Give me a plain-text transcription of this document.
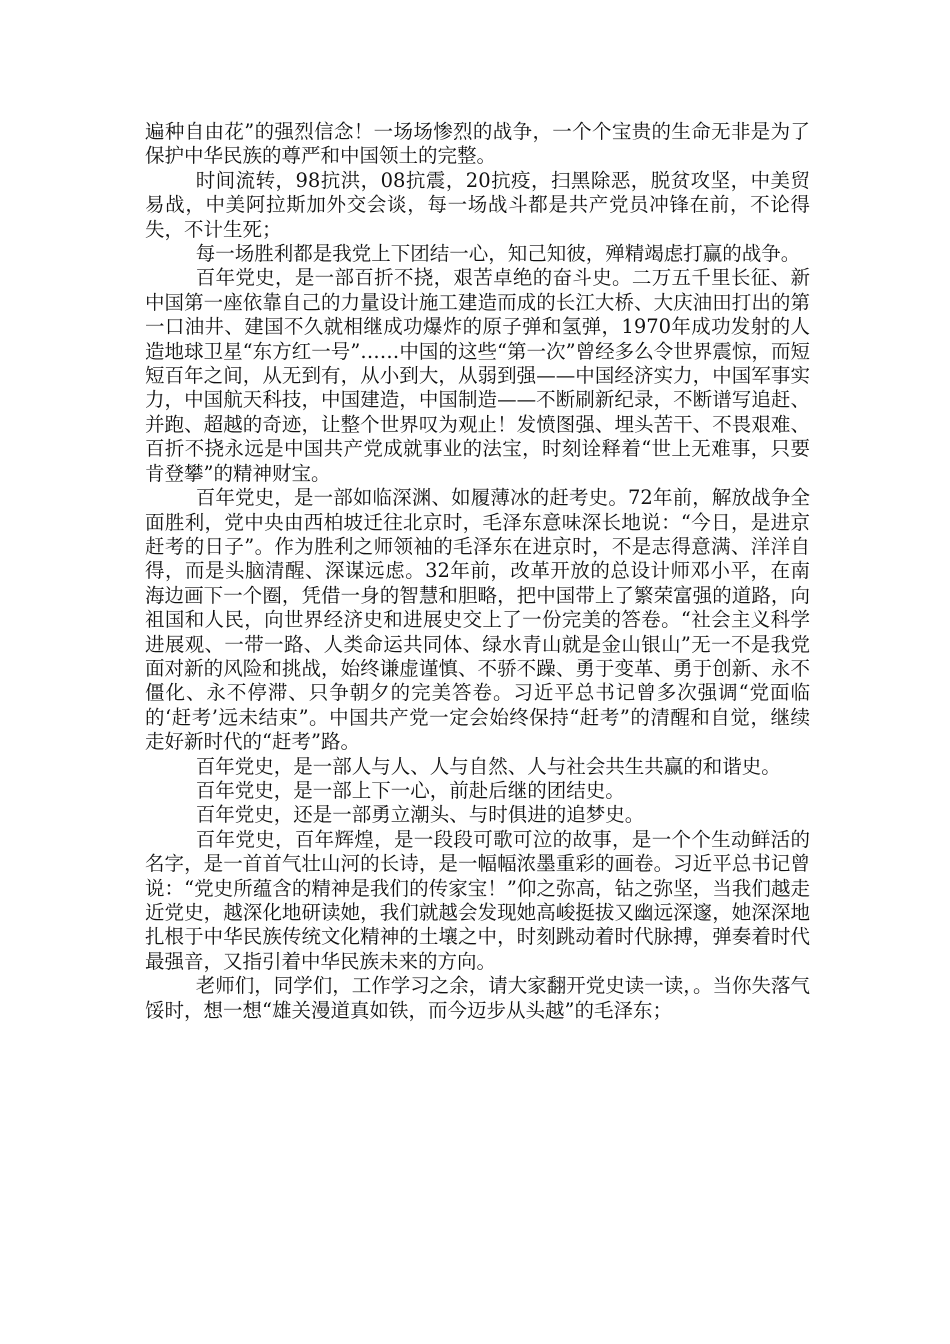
遍种自由花”的强烈信念！一场场惨烈的战争，一个个宝贵的生命无非是为了保护中华民族的尊严和中国领土的完整。

时间流转，98抗洪，08抗震，20抗疫，扫黑除恶，脱贫攻坚，中美贸易战，中美阿拉斯加外交会谈，每一场战斗都是共产党员冲锋在前，不论得失，不计生死；

每一场胜利都是我党上下团结一心，知己知彼，殚精竭虑打赢的战争。

百年党史，是一部百折不挠，艰苦卓绝的奋斗史。二万五千里长征、新中国第一座依靠自己的力量设计施工建造而成的长江大桥、大庆油田打出的第一口油井、建国不久就相继成功爆炸的原子弹和氢弹，1970年成功发射的人造地球卫星“东方红一号”……中国的这些“第一次”曾经多么令世界震惊，而短短百年之间，从无到有，从小到大，从弱到强——中国经济实力，中国军事实力，中国航天科技，中国建造，中国制造——不断刷新纪录，不断谱写追赶、并跑、超越的奇迹，让整个世界叹为观止！发愤图强、埋头苦干、不畏艰难、百折不挠永远是中国共产党成就事业的法宝，时刻诠释着“世上无难事，只要肯登攀”的精神财宝。

百年党史，是一部如临深渊、如履薄冰的赶考史。72年前，解放战争全面胜利，党中央由西柏坡迁往北京时，毛泽东意味深长地说：“今日，是进京赶考的日子”。作为胜利之师领袖的毛泽东在进京时，不是志得意满、洋洋自得，而是头脑清醒、深谋远虑。32年前，改革开放的总设计师邓小平，在南海边画下一个圈，凭借一身的智慧和胆略，把中国带上了繁荣富强的道路，向祖国和人民，向世界经济史和进展史交上了一份完美的答卷。“社会主义科学进展观、一带一路、人类命运共同体、绿水青山就是金山银山”无一不是我党面对新的风险和挑战，始终谦虚谨慎、不骄不躁、勇于变革、勇于创新、永不僵化、永不停滞、只争朝夕的完美答卷。习近平总书记曾多次强调“党面临的‘赶考’远未结束”。中国共产党一定会始终保持“赶考”的清醒和自觉，继续走好新时代的“赶考”路。

百年党史，是一部人与人、人与自然、人与社会共生共赢的和谐史。

百年党史，是一部上下一心，前赴后继的团结史。

百年党史，还是一部勇立潮头、与时俱进的追梦史。

百年党史，百年辉煌，是一段段可歌可泣的故事，是一个个生动鲜活的名字，是一首首气壮山河的长诗，是一幅幅浓墨重彩的画卷。习近平总书记曾说：“党史所蕴含的精神是我们的传家宝！”仰之弥高，钻之弥坚，当我们越走近党史，越深化地研读她，我们就越会发现她高峻挺拔又幽远深邃，她深深地扎根于中华民族传统文化精神的土壤之中，时刻跳动着时代脉搏，弹奏着时代最强音，又指引着中华民族未来的方向。

老师们，同学们，工作学习之余，请大家翻开党史读一读，。当你失落气馁时，想一想“雄关漫道真如铁，而今迈步从头越”的毛泽东；
